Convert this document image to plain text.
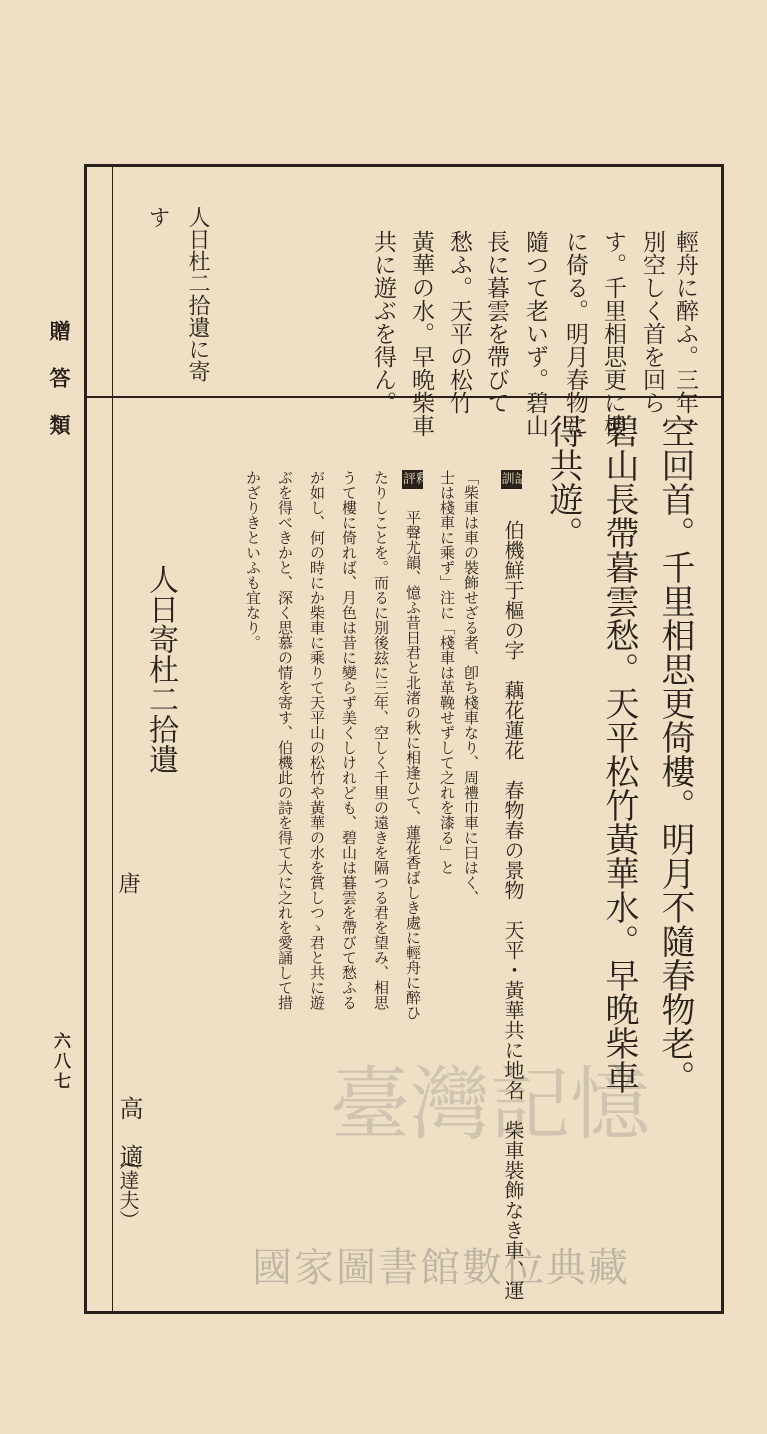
贈答類
六八七
輕舟に醉ふ。三年一
別空しく首を回ら
す。千里相思更に樓
に倚る。明月春物に
隨つて老いず。碧山
長に暮雲を帶びて
愁ふ。天平の松竹
黃華の水。早晩柴車
共に遊ぶを得ん。
人日杜二拾遺に寄
す
空回首。千里相思更倚樓。明月不隨春物老。
碧山長帶暮雲愁。天平松竹黃華水。早晚柴車
得共遊。
訓詁
伯機鮮于樞の字　藕花蓮花　春物春の景物　天平・黃華共に地名　柴車裝飾なき車、運
「柴車は車の裝飾せざる者、卽ち棧車なり、周禮巾車に曰はく、
士は棧車に乘ず」注に「棧車は革鞔せずして之れを漆る」と
評釋
平聲尤韻、憶ふ昔日君と北渚の秋に相逢ひて、蓮花香ばしき處に輕舟に醉ひ
たりしことを。而るに別後玆に三年、空しく千里の遠きを隔つる君を望み、相思
うて樓に倚れば、月色は昔に變らず美くしけれども、碧山は暮雲を帶びて愁ふる
が如し、何の時にか柴車に乘りて天平山の松竹や黃華の水を賞しつゝ君と共に遊
ぶを得べきかと、深く思慕の情を寄す、伯機此の詩を得て大に之れを愛誦して措
かざりきといふも宜なり。
人日寄杜二拾遺
唐
高　適
（達夫）
臺灣記憶
國家圖書館數位典藏
